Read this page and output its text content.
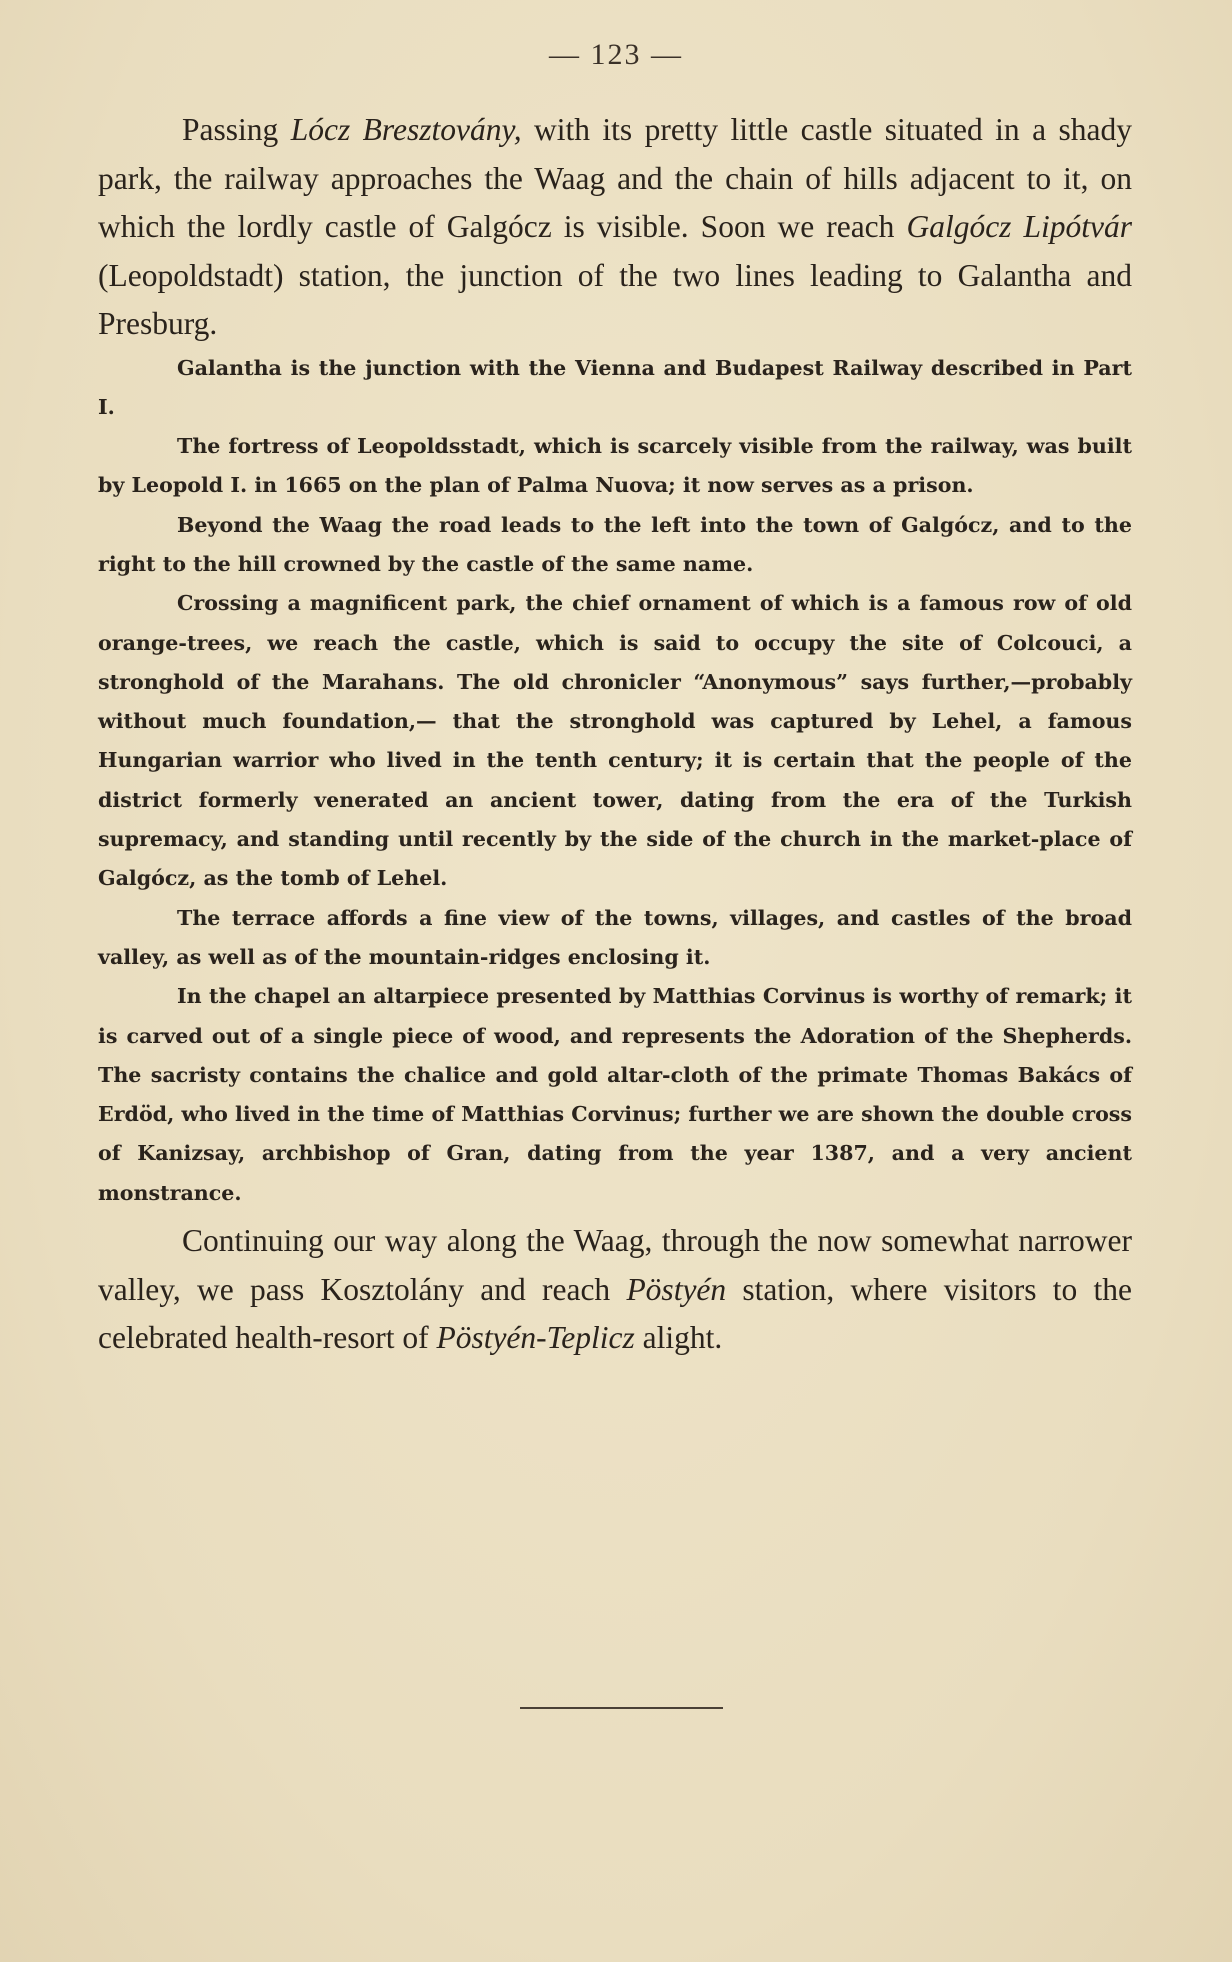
— 123 —

Passing Lócz Bresztovány, with its pretty little castle situated in a shady park, the railway approaches the Waag and the chain of hills adjacent to it, on which the lordly castle of Galgócz is visible. Soon we reach Galgócz Lipótvár (Leopoldstadt) station, the junction of the two lines leading to Galantha and Presburg.

Galantha is the junction with the Vienna and Budapest Railway described in Part I.

The fortress of Leopoldsstadt, which is scarcely visible from the railway, was built by Leopold I. in 1665 on the plan of Palma Nuova; it now serves as a prison.

Beyond the Waag the road leads to the left into the town of Galgócz, and to the right to the hill crowned by the castle of the same name.

Crossing a magnificent park, the chief ornament of which is a famous row of old orange-trees, we reach the castle, which is said to occupy the site of Colcouci, a stronghold of the Marahans. The old chronicler “Anonymous” says further,—probably without much foundation,— that the stronghold was captured by Lehel, a famous Hungarian warrior who lived in the tenth century; it is certain that the people of the district formerly venerated an ancient tower, dating from the era of the Turkish supremacy, and standing until recently by the side of the church in the market-place of Galgócz, as the tomb of Lehel.

The terrace affords a fine view of the towns, villages, and castles of the broad valley, as well as of the mountain-ridges enclosing it.

In the chapel an altarpiece presented by Matthias Corvinus is worthy of remark; it is carved out of a single piece of wood, and represents the Adoration of the Shepherds. The sacristy contains the chalice and gold altar-cloth of the primate Thomas Bakács of Erdöd, who lived in the time of Matthias Corvinus; further we are shown the double cross of Kanizsay, archbishop of Gran, dating from the year 1387, and a very ancient monstrance.

Continuing our way along the Waag, through the now somewhat narrower valley, we pass Kosztolány and reach Pöstyén station, where visitors to the celebrated health-resort of Pöstyén-Teplicz alight.
